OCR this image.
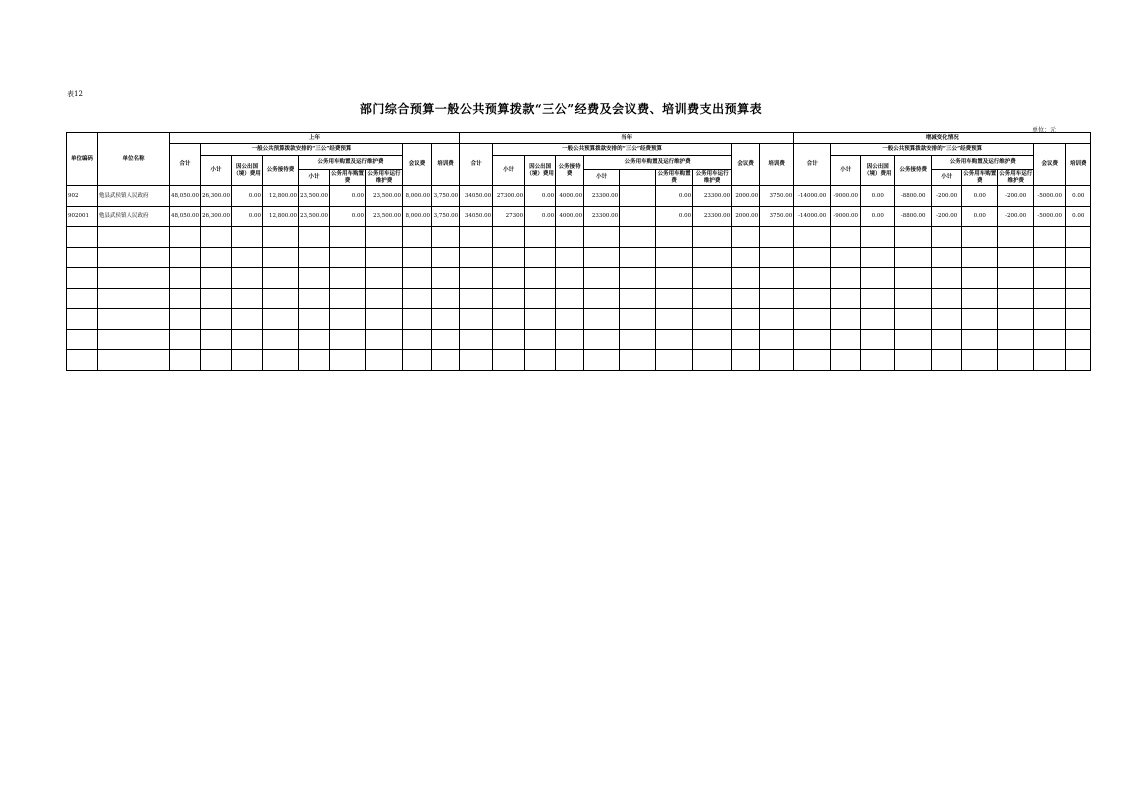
表12
部门综合预算一般公共预算拨款“三公”经费及会议费、培训费支出预算表
单位：元
单位编码	单位名称	上年									当年										增减变化情况								
		合计	一般公共预算拨款安排的“三公”经费预算						会议费	培训费	合计	一般公共预算拨款安排的“三公”经费预算							会议费	培训费	合计	一般公共预算拨款安排的“三公”经费预算						会议费	培训费
			小计	因公出国（境）费用	公务接待费	公务用车购置及运行维护费						小计	因公出国（境）费用	公务接待费	公务用车购置及运行维护费							小计	因公出国（境）费用	公务接待费	公务用车购置及运行维护费				
						小计	公务用车购置费	公务用车运行维护费							小计		公务用车购置费	公务用车运行维护费							小计	公务用车购置费	公务用车运行维护费		
902	勉县武侯镇人民政府	48,050.00	26,300.00	0.00	12,800.00	23,500.00	0.00	23,500.00	8,000.00	3,750.00	34050.00	27300.00	0.00	4000.00	23300.00		0.00	23300.00	2000.00	3750.00	-14000.00	-9000.00	0.00	-8800.00	-200.00	0.00	-200.00	-5000.00	0.00
902001	勉县武侯镇人民政府	48,050.00	26,300.00	0.00	12,800.00	23,500.00	0.00	23,500.00	8,000.00	3,750.00	34050.00	27300	0.00	4000.00	23300.00		0.00	23300.00	2000.00	3750.00	-14000.00	-9000.00	0.00	-8800.00	-200.00	0.00	-200.00	-5000.00	0.00
